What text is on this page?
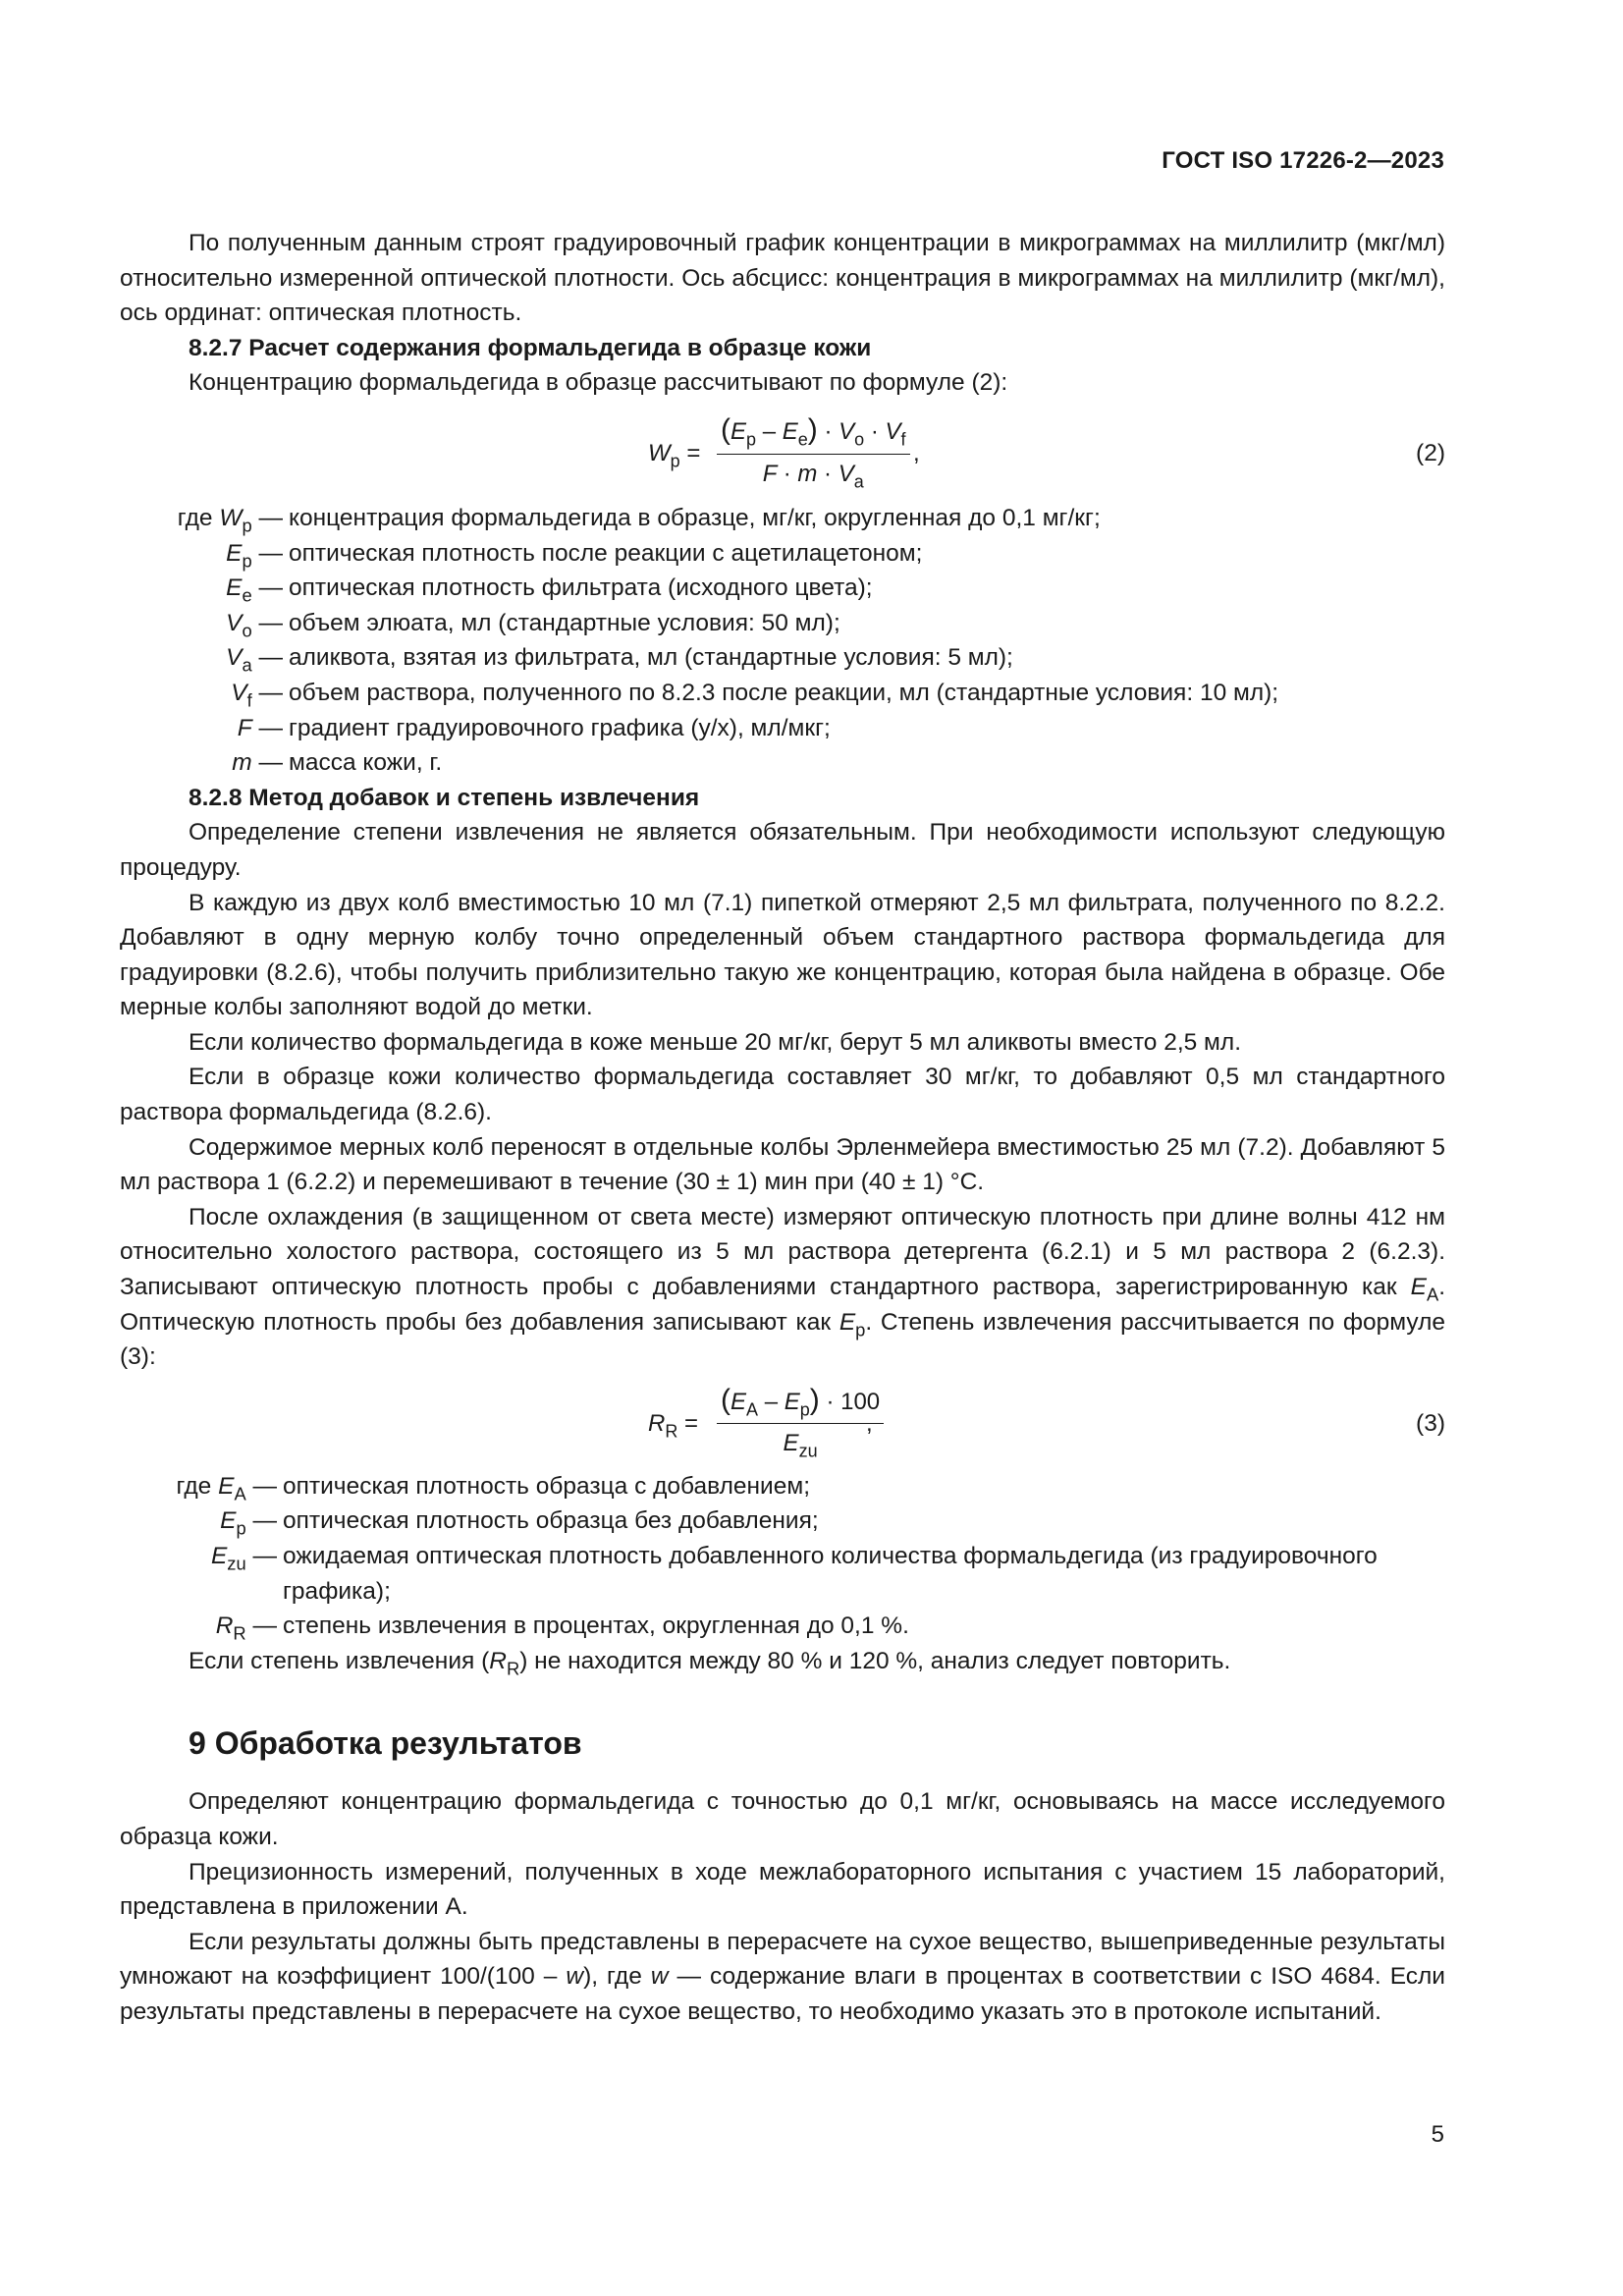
ГОСТ ISO 17226-2—2023

По полученным данным строят градуировочный график концентрации в микрограммах на миллилитр (мкг/мл) относительно измеренной оптической плотности. Ось абсцисс: концентрация в микрограммах на миллилитр (мкг/мл), ось ординат: оптическая плотность.

8.2.7 Расчет содержания формальдегида в образце кожи

Концентрацию формальдегида в образце рассчитывают по формуле (2):

$W_p = \frac{(E_p - E_e) \cdot V_o \cdot V_f}{F \cdot m \cdot V_a}$ ,	(2)
где $W_p$ — концентрация формальдегида в образце, мг/кг, округленная до 0,1 мг/кг;
$E_p$ — оптическая плотность после реакции с ацетилацетоном;
$E_e$ — оптическая плотность фильтрата (исходного цвета);
$V_o$ — объем элюата, мл (стандартные условия: 50 мл);
$V_a$ — аликвота, взятая из фильтрата, мл (стандартные условия: 5 мл);
$V_f$ — объем раствора, полученного по 8.2.3 после реакции, мл (стандартные условия: 10 мл);
F — градиент градуировочного графика (y/x), мл/мкг;
m — масса кожи, г.
8.2.8 Метод добавок и степень извлечения

Определение степени извлечения не является обязательным. При необходимости используют следующую процедуру.

В каждую из двух колб вместимостью 10 мл (7.1) пипеткой отмеряют 2,5 мл фильтрата, полученного по 8.2.2. Добавляют в одну мерную колбу точно определенный объем стандартного раствора формальдегида для градуировки (8.2.6), чтобы получить приблизительно такую же концентрацию, которая была найдена в образце. Обе мерные колбы заполняют водой до метки.

Если количество формальдегида в коже меньше 20 мг/кг, берут 5 мл аликвоты вместо 2,5 мл.

Если в образце кожи количество формальдегида составляет 30 мг/кг, то добавляют 0,5 мл стандартного раствора формальдегида (8.2.6).

Содержимое мерных колб переносят в отдельные колбы Эрленмейера вместимостью 25 мл (7.2). Добавляют 5 мл раствора 1 (6.2.2) и перемешивают в течение (30 ± 1) мин при (40 ± 1) °С.

После охлаждения (в защищенном от света месте) измеряют оптическую плотность при длине волны 412 нм относительно холостого раствора, состоящего из 5 мл раствора детергента (6.2.1) и 5 мл раствора 2 (6.2.3). Записывают оптическую плотность пробы с добавлениями стандартного раствора, зарегистрированную как $E_A$. Оптическую плотность пробы без добавления записывают как $E_p$. Степень извлечения рассчитывается по формуле (3):

$R_R$ =
$(E_A - E_p) \cdot 100$
$E_{zu}$
,	(3)
где $E_A$ — оптическая плотность образца с добавлением;
$E_p$ — оптическая плотность образца без добавления;
$E_{zu}$ — ожидаемая оптическая плотность добавленного количества формальдегида (из градуировочного графика);
$R_R$ — степень извлечения в процентах, округленная до 0,1 %.

Если степень извлечения $(R_R)$ не находится между 80 % и 120 %, анализ следует повторить.

9 Обработка результатов

Определяют концентрацию формальдегида с точностью до 0,1 мг/кг, основываясь на массе исследуемого образца кожи.

Прецизионность измерений, полученных в ходе межлабораторного испытания с участием 15 лабораторий, представлена в приложении А.

Если результаты должны быть представлены в перерасчете на сухое вещество, вышеприведенные результаты умножают на коэффициент 100/(100 – w), где w — содержание влаги в процентах в соответствии с ISO 4684. Если результаты представлены в перерасчете на сухое вещество, то необходимо указать это в протоколе испытаний.

5
